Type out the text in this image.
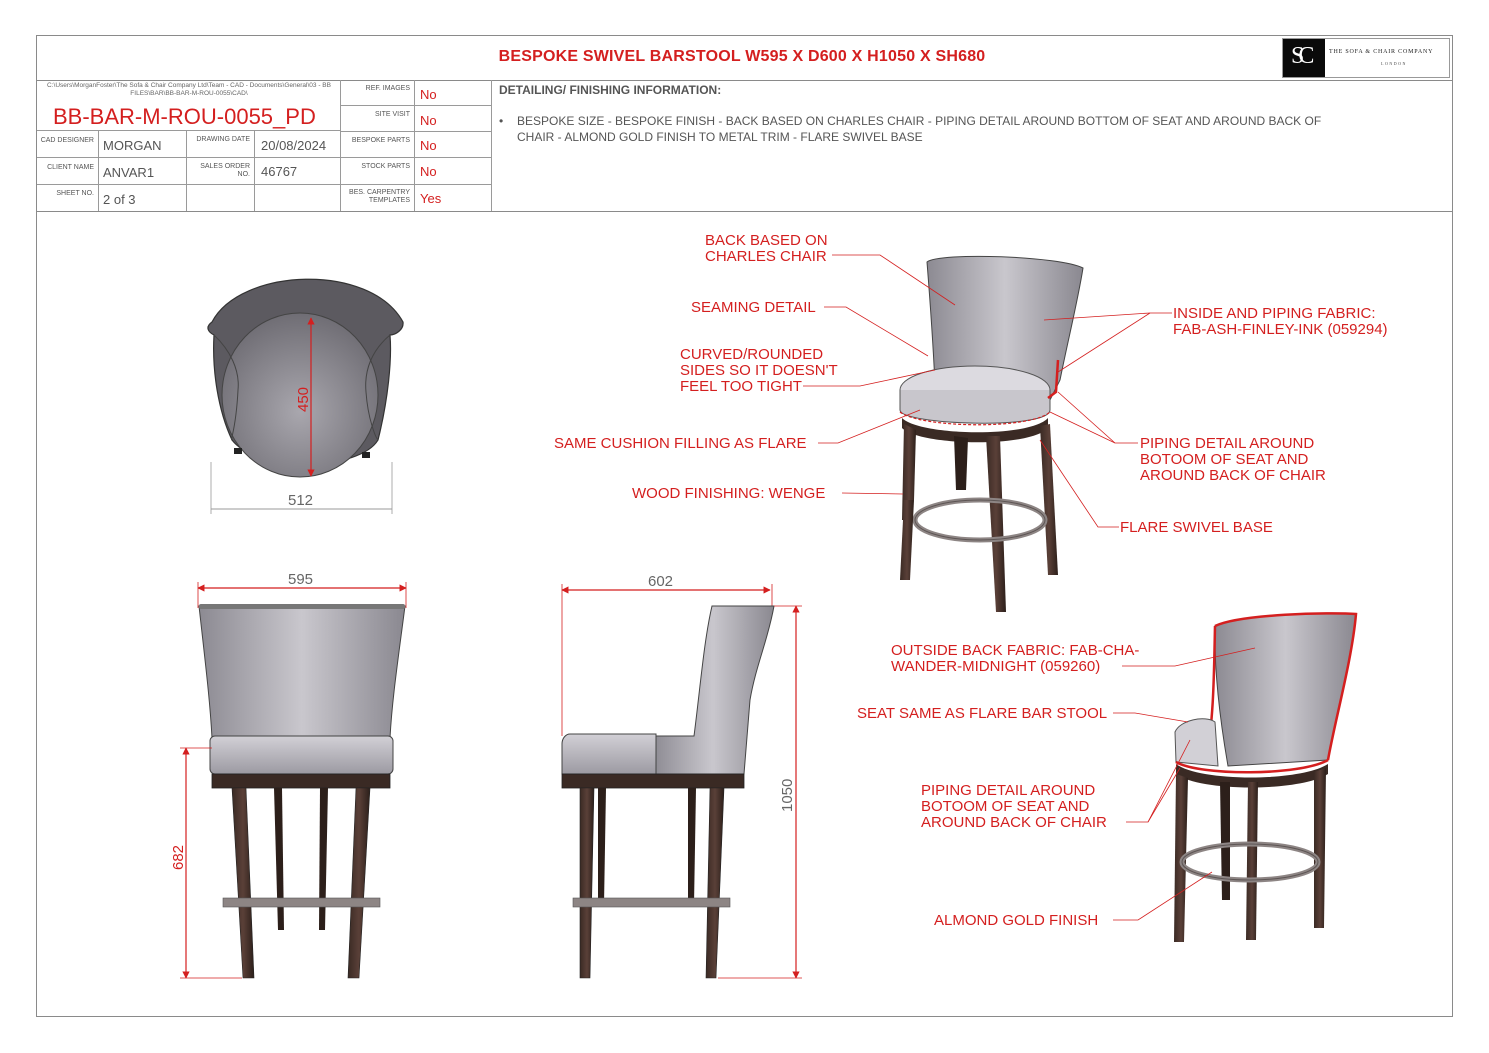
BESPOKE SWIVEL BARSTOOL W595 X D600 X H1050 X SH680	SC	THE SOFA & CHAIR COMPANY
LONDON
C:\Users\MorganFoster\The Sofa & Chair Company Ltd\Team - CAD - Documents\General\03 - BB FILES\BAR\BB-BAR-M-ROU-0055\CAD\
BB-BAR-M-ROU-0055_PD
CAD DESIGNER MORGAN	DRAWING DATE 20/08/2024
CLIENT NAME ANVAR1	SALES ORDER NO. 46767
SHEET NO. 2 of 3
REF. IMAGES No
SITE VISIT No
BESPOKE PARTS No
STOCK PARTS No
BES. CARPENTRY TEMPLATES Yes
DETAILING/ FINISHING INFORMATION:
• BESPOKE SIZE - BESPOKE FINISH - BACK BASED ON CHARLES CHAIR - PIPING DETAIL AROUND BOTTOM OF SEAT AND AROUND BACK OF CHAIR - ALMOND GOLD FINISH TO METAL TRIM - FLARE SWIVEL BASE
450
512
595
682
602
1050
BACK BASED ON
CHARLES CHAIR
SEAMING DETAIL
CURVED/ROUNDED
SIDES SO IT DOESN'T
FEEL TOO TIGHT
SAME CUSHION FILLING AS FLARE
WOOD FINISHING: WENGE
INSIDE AND PIPING FABRIC:
FAB-ASH-FINLEY-INK (059294)
PIPING DETAIL AROUND
BOTOOM OF SEAT AND
AROUND BACK OF CHAIR
FLARE SWIVEL BASE
OUTSIDE BACK FABRIC: FAB-CHA-
WANDER-MIDNIGHT (059260)
SEAT SAME AS FLARE BAR STOOL
PIPING DETAIL AROUND
BOTOOM OF SEAT AND
AROUND BACK OF CHAIR
ALMOND GOLD FINISH
